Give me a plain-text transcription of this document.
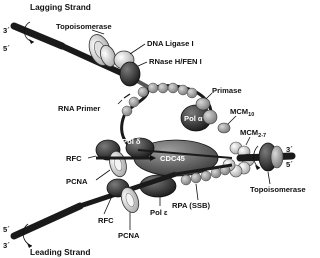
Lagging Strand
3´
5´
Topoisomerase
DNA Ligase I
RNase H/FEN I
RNA Primer
Pol α
Primase
$MCM_{10}$
$MCM_{2-7}$
3´
5´
Topoisomerase
CDC45
Pol δ
RFC
PCNA
RPA (SSB)
Pol ε
RFC
PCNA
5´
3´
Leading Strand
